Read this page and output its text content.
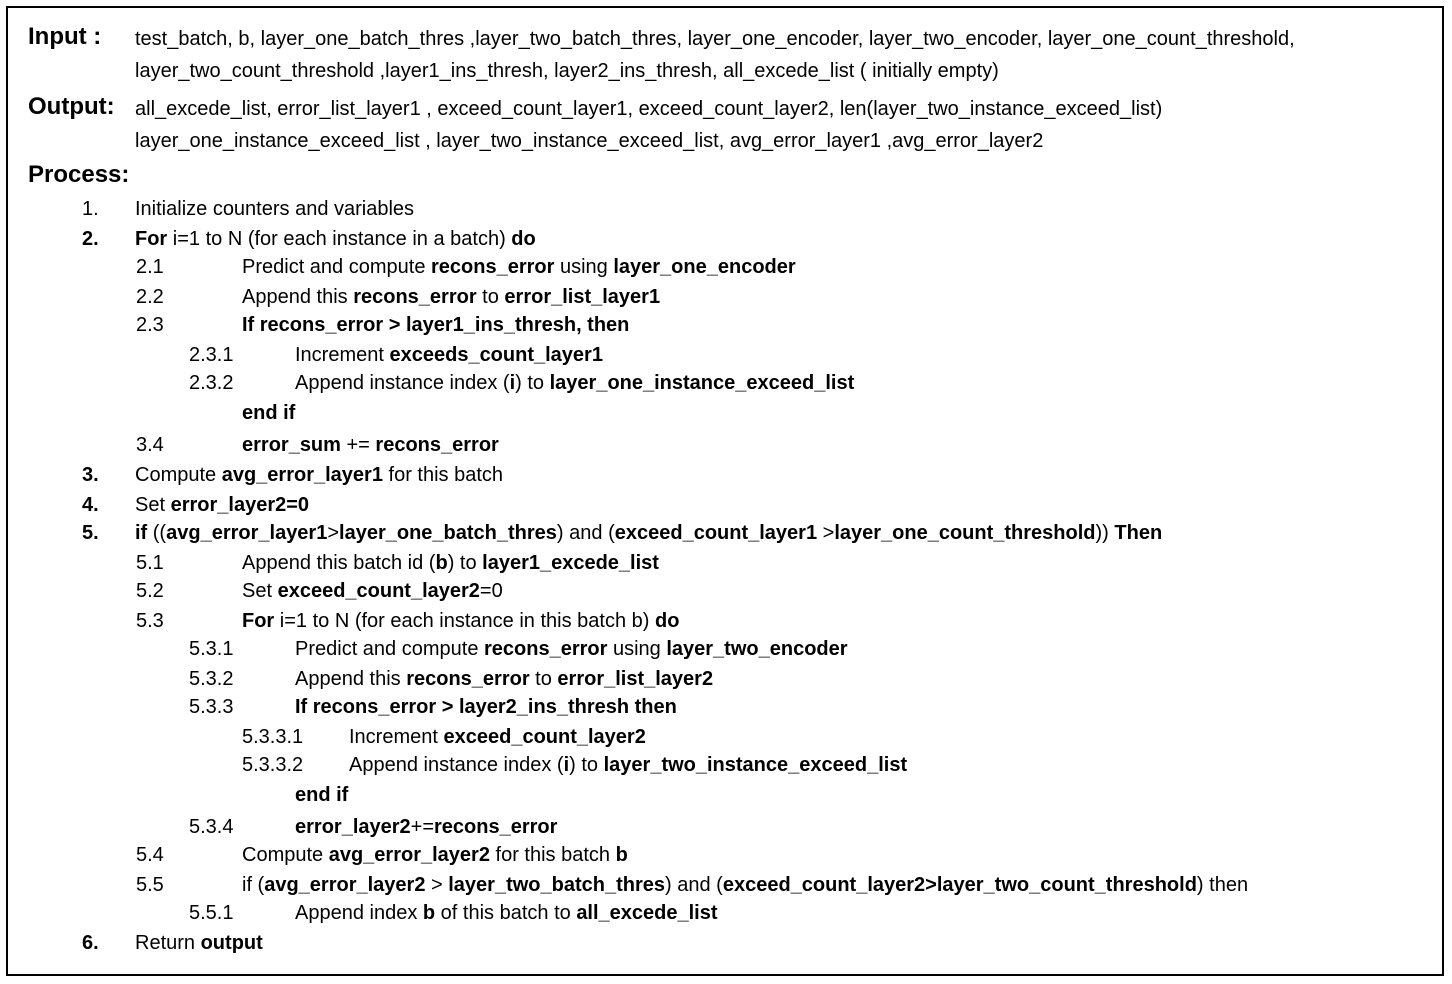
Input : test_batch, b, layer_one_batch_thres ,layer_two_batch_thres, layer_one_encoder, layer_two_encoder, layer_one_count_threshold,
layer_two_count_threshold ,layer1_ins_thresh, layer2_ins_thresh, all_excede_list ( initially empty)
Output: all_excede_list, error_list_layer1 , exceed_count_layer1, exceed_count_layer2, len(layer_two_instance_exceed_list)
layer_one_instance_exceed_list , layer_two_instance_exceed_list, avg_error_layer1 ,avg_error_layer2
Process:
1. Initialize counters and variables
2. For i=1 to N (for each instance in a batch) do
2.1	Predict and compute recons_error using layer_one_encoder
2.2	Append this recons_error to error_list_layer1
2.3	If recons_error > layer1_ins_thresh, then
2.3.1	Increment exceeds_count_layer1
2.3.2	Append instance index (i) to layer_one_instance_exceed_list
end if
3.4	error_sum += recons_error
3. Compute avg_error_layer1 for this batch
4. Set error_layer2=0
5. if ((avg_error_layer1>layer_one_batch_thres) and (exceed_count_layer1 >layer_one_count_threshold)) Then
5.1	Append this batch id (b) to layer1_excede_list
5.2	Set exceed_count_layer2=0
5.3	For i=1 to N (for each instance in this batch b) do
5.3.1	Predict and compute recons_error using layer_two_encoder
5.3.2	Append this recons_error to error_list_layer2
5.3.3	If recons_error > layer2_ins_thresh then
5.3.3.1 Increment exceed_count_layer2
5.3.3.2 Append instance index (i) to layer_two_instance_exceed_list
end if
5.3.4	error_layer2+=recons_error
5.4	Compute avg_error_layer2 for this batch b
5.5	if (avg_error_layer2 > layer_two_batch_thres) and (exceed_count_layer2>layer_two_count_threshold) then
5.5.1	Append index b of this batch to all_excede_list
6. Return output
